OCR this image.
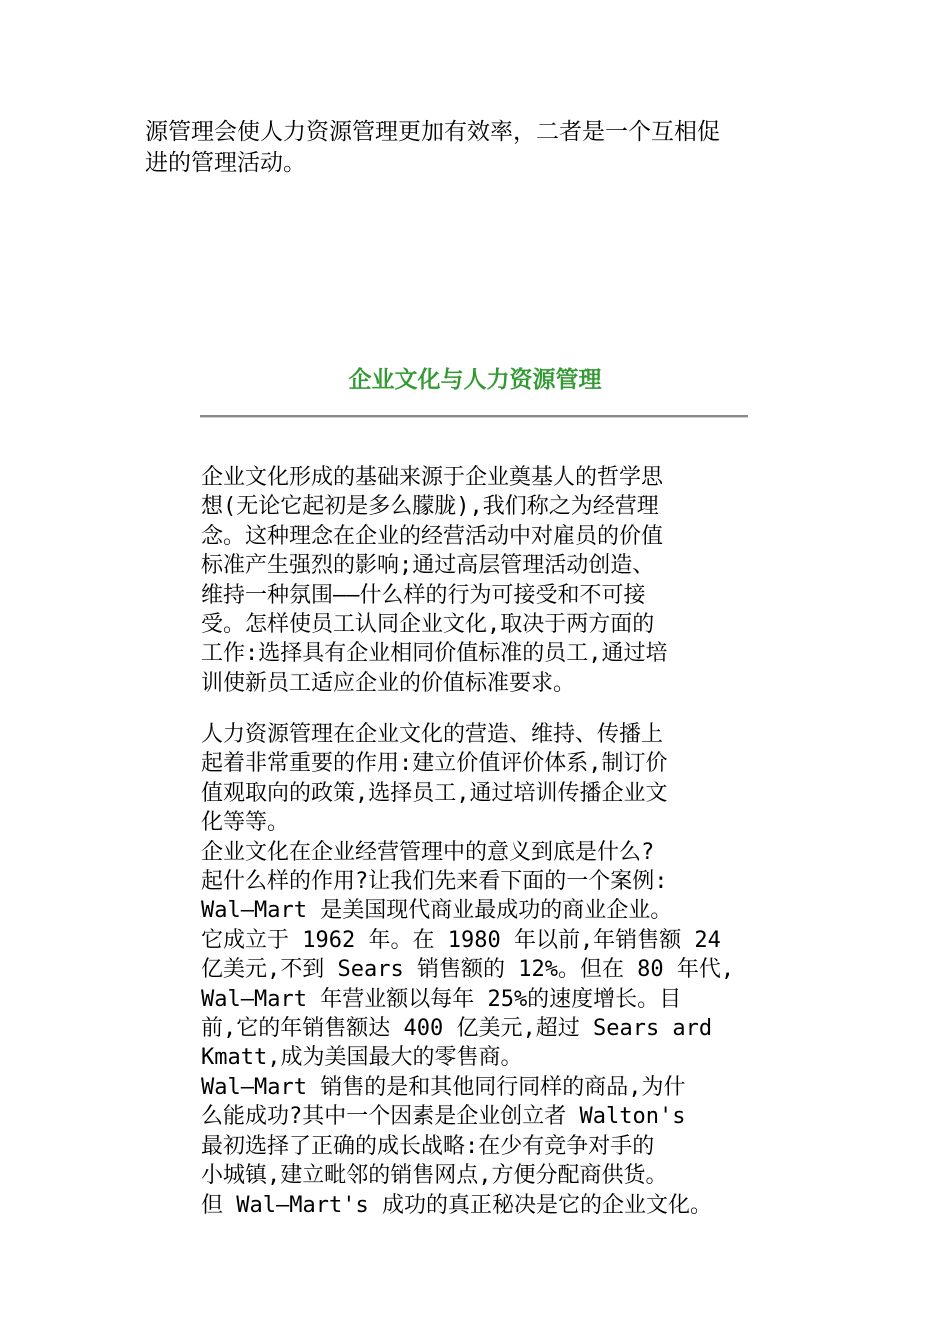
源管理会使人力资源管理更加有效率，二者是一个互相促
进的管理活动。

企业文化与人力资源管理

企业文化形成的基础来源于企业奠基人的哲学思
想(无论它起初是多么朦胧),我们称之为经营理
念。这种理念在企业的经营活动中对雇员的价值
标准产生强烈的影响;通过高层管理活动创造、
维持一种氛围——什么样的行为可接受和不可接
受。怎样使员工认同企业文化,取决于两方面的
工作:选择具有企业相同价值标准的员工,通过培
训使新员工适应企业的价值标准要求。

人力资源管理在企业文化的营造、维持、传播上
起着非常重要的作用:建立价值评价体系,制订价
值观取向的政策,选择员工,通过培训传播企业文
化等等。
企业文化在企业经营管理中的意义到底是什么?
起什么样的作用?让我们先来看下面的一个案例:
Wal—Mart 是美国现代商业最成功的商业企业。
它成立于 1962 年。在 1980 年以前,年销售额 24
亿美元,不到 Sears 销售额的 12%。但在 80 年代,
Wal—Mart 年营业额以每年 25%的速度增长。目
前,它的年销售额达 400 亿美元,超过 Sears ard
Kmatt,成为美国最大的零售商。
Wal—Mart 销售的是和其他同行同样的商品,为什
么能成功?其中一个因素是企业创立者 Walton's
最初选择了正确的成长战略:在少有竞争对手的
小城镇,建立毗邻的销售网点,方便分配商供货。
但 Wal—Mart's 成功的真正秘决是它的企业文化。
